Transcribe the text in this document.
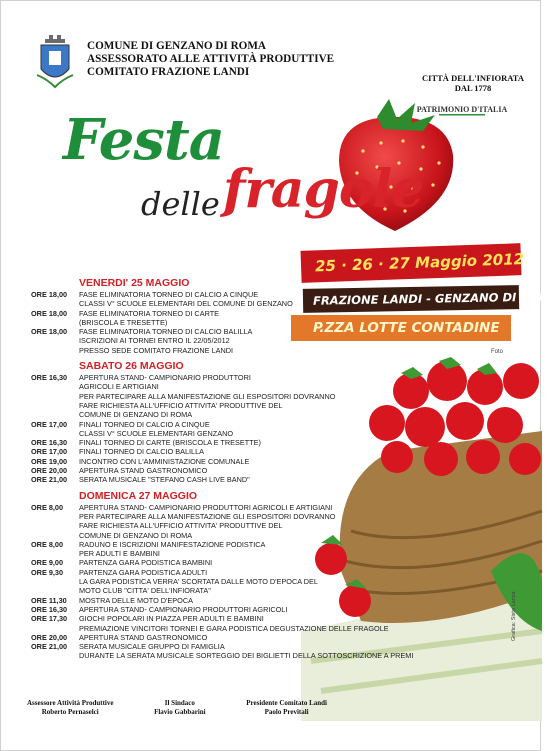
COMUNE DI GENZANO DI ROMA
ASSESSORATO ALLE ATTIVITÀ PRODUTTIVE
COMITATO FRAZIONE LANDI	CITTÀ DELL'INFIORATA
DAL 1778
PATRIMONIO D'ITALIA
Festa
delle fragole
25 · 26 · 27 Maggio 2012
FRAZIONE LANDI - GENZANO DI ROMA
P.ZZA LOTTE CONTADINE
VENERDI' 25 MAGGIO
ORE 18,00	FASE ELIMINATORIA TORNEO DI CALCIO A CINQUE
CLASSI V° SCUOLE ELEMENTARI DEL COMUNE DI GENZANO
ORE 18,00	FASE ELIMINATORIA TORNEO DI CARTE
(BRISCOLA E TRESETTE)
ORE 18,00	FASE ELIMINATORIA TORNEO DI CALCIO BALILLA
ISCRIZIONI AI TORNEI ENTRO IL 22/05/2012
PRESSO SEDE COMITATO FRAZIONE LANDI
SABATO 26 MAGGIO
ORE 16,30	APERTURA STAND- CAMPIONARIO PRODUTTORI
AGRICOLI E ARTIGIANI
PER PARTECIPARE ALLA MANIFESTAZIONE GLI ESPOSITORI DOVRANNO
FARE RICHIESTA ALL'UFFICIO ATTIVITA' PRODUTTIVE DEL
COMUNE DI GENZANO DI ROMA
ORE 17,00	FINALI TORNEO DI CALCIO A CINQUE
CLASSI V° SCUOLE ELEMENTARI GENZANO
ORE 16,30	FINALI TORNEO DI CARTE (BRISCOLA E TRESETTE)
ORE 17,00	FINALI TORNEO DI CALCIO BALILLA
ORE 19,00	INCONTRO CON L'AMMINISTAZIONE COMUNALE
ORE 20,00	APERTURA STAND GASTRONOMICO
ORE 21,00	SERATA MUSICALE "STEFANO CASH LIVE BAND"
DOMENICA 27 MAGGIO
ORE 8,00	APERTURA STAND- CAMPIONARIO PRODUTTORI AGRICOLI E ARTIGIANI
PER PARTECIPARE ALLA MANIFESTAZIONE GLI ESPOSITORI DOVRANNO
FARE RICHIESTA ALL'UFFICIO ATTIVITA' PRODUTTIVE DEL
COMUNE DI GENZANO DI ROMA
ORE 8,00	RADUNO E ISCRIZIONI MANIFESTAZIONE PODISTICA
PER ADULTI E BAMBINI
ORE 9,00	PARTENZA GARA PODISTICA BAMBINI
ORE 9,30	PARTENZA GARA PODISTICA ADULTI
LA GARA PODISTICA VERRA' SCORTATA DALLE MOTO D'EPOCA DEL
MOTO CLUB "CITTA' DELL'INFIORATA"
ORE 11,30	MOSTRA DELLE MOTO D'EPOCA
ORE 16,30	APERTURA STAND- CAMPIONARIO PRODUTTORI AGRICOLI
ORE 17,30	GIOCHI POPOLARI IN PIAZZA PER ADULTI E BAMBINI
PREMIAZIONE VINCITORI TORNEI E GARA PODISTICA DEGUSTAZIONE DELLE FRAGOLE
ORE 20,00	APERTURA STAND GASTRONOMICO
ORE 21,00	SERATA MUSICALE GRUPPO DI FAMIGLIA
DURANTE LA SERATA MUSICALE SORTEGGIO DEI BIGLIETTI DELLA SOTTOSCRIZIONE A PREMI
Assessore Attività Produttive
Roberto Pernaselci
Il Sindaco
Flavio Gabbarini
Presidente Comitato Landi
Paolo Previtali
Grafica: Sisto Lanza
Foto
